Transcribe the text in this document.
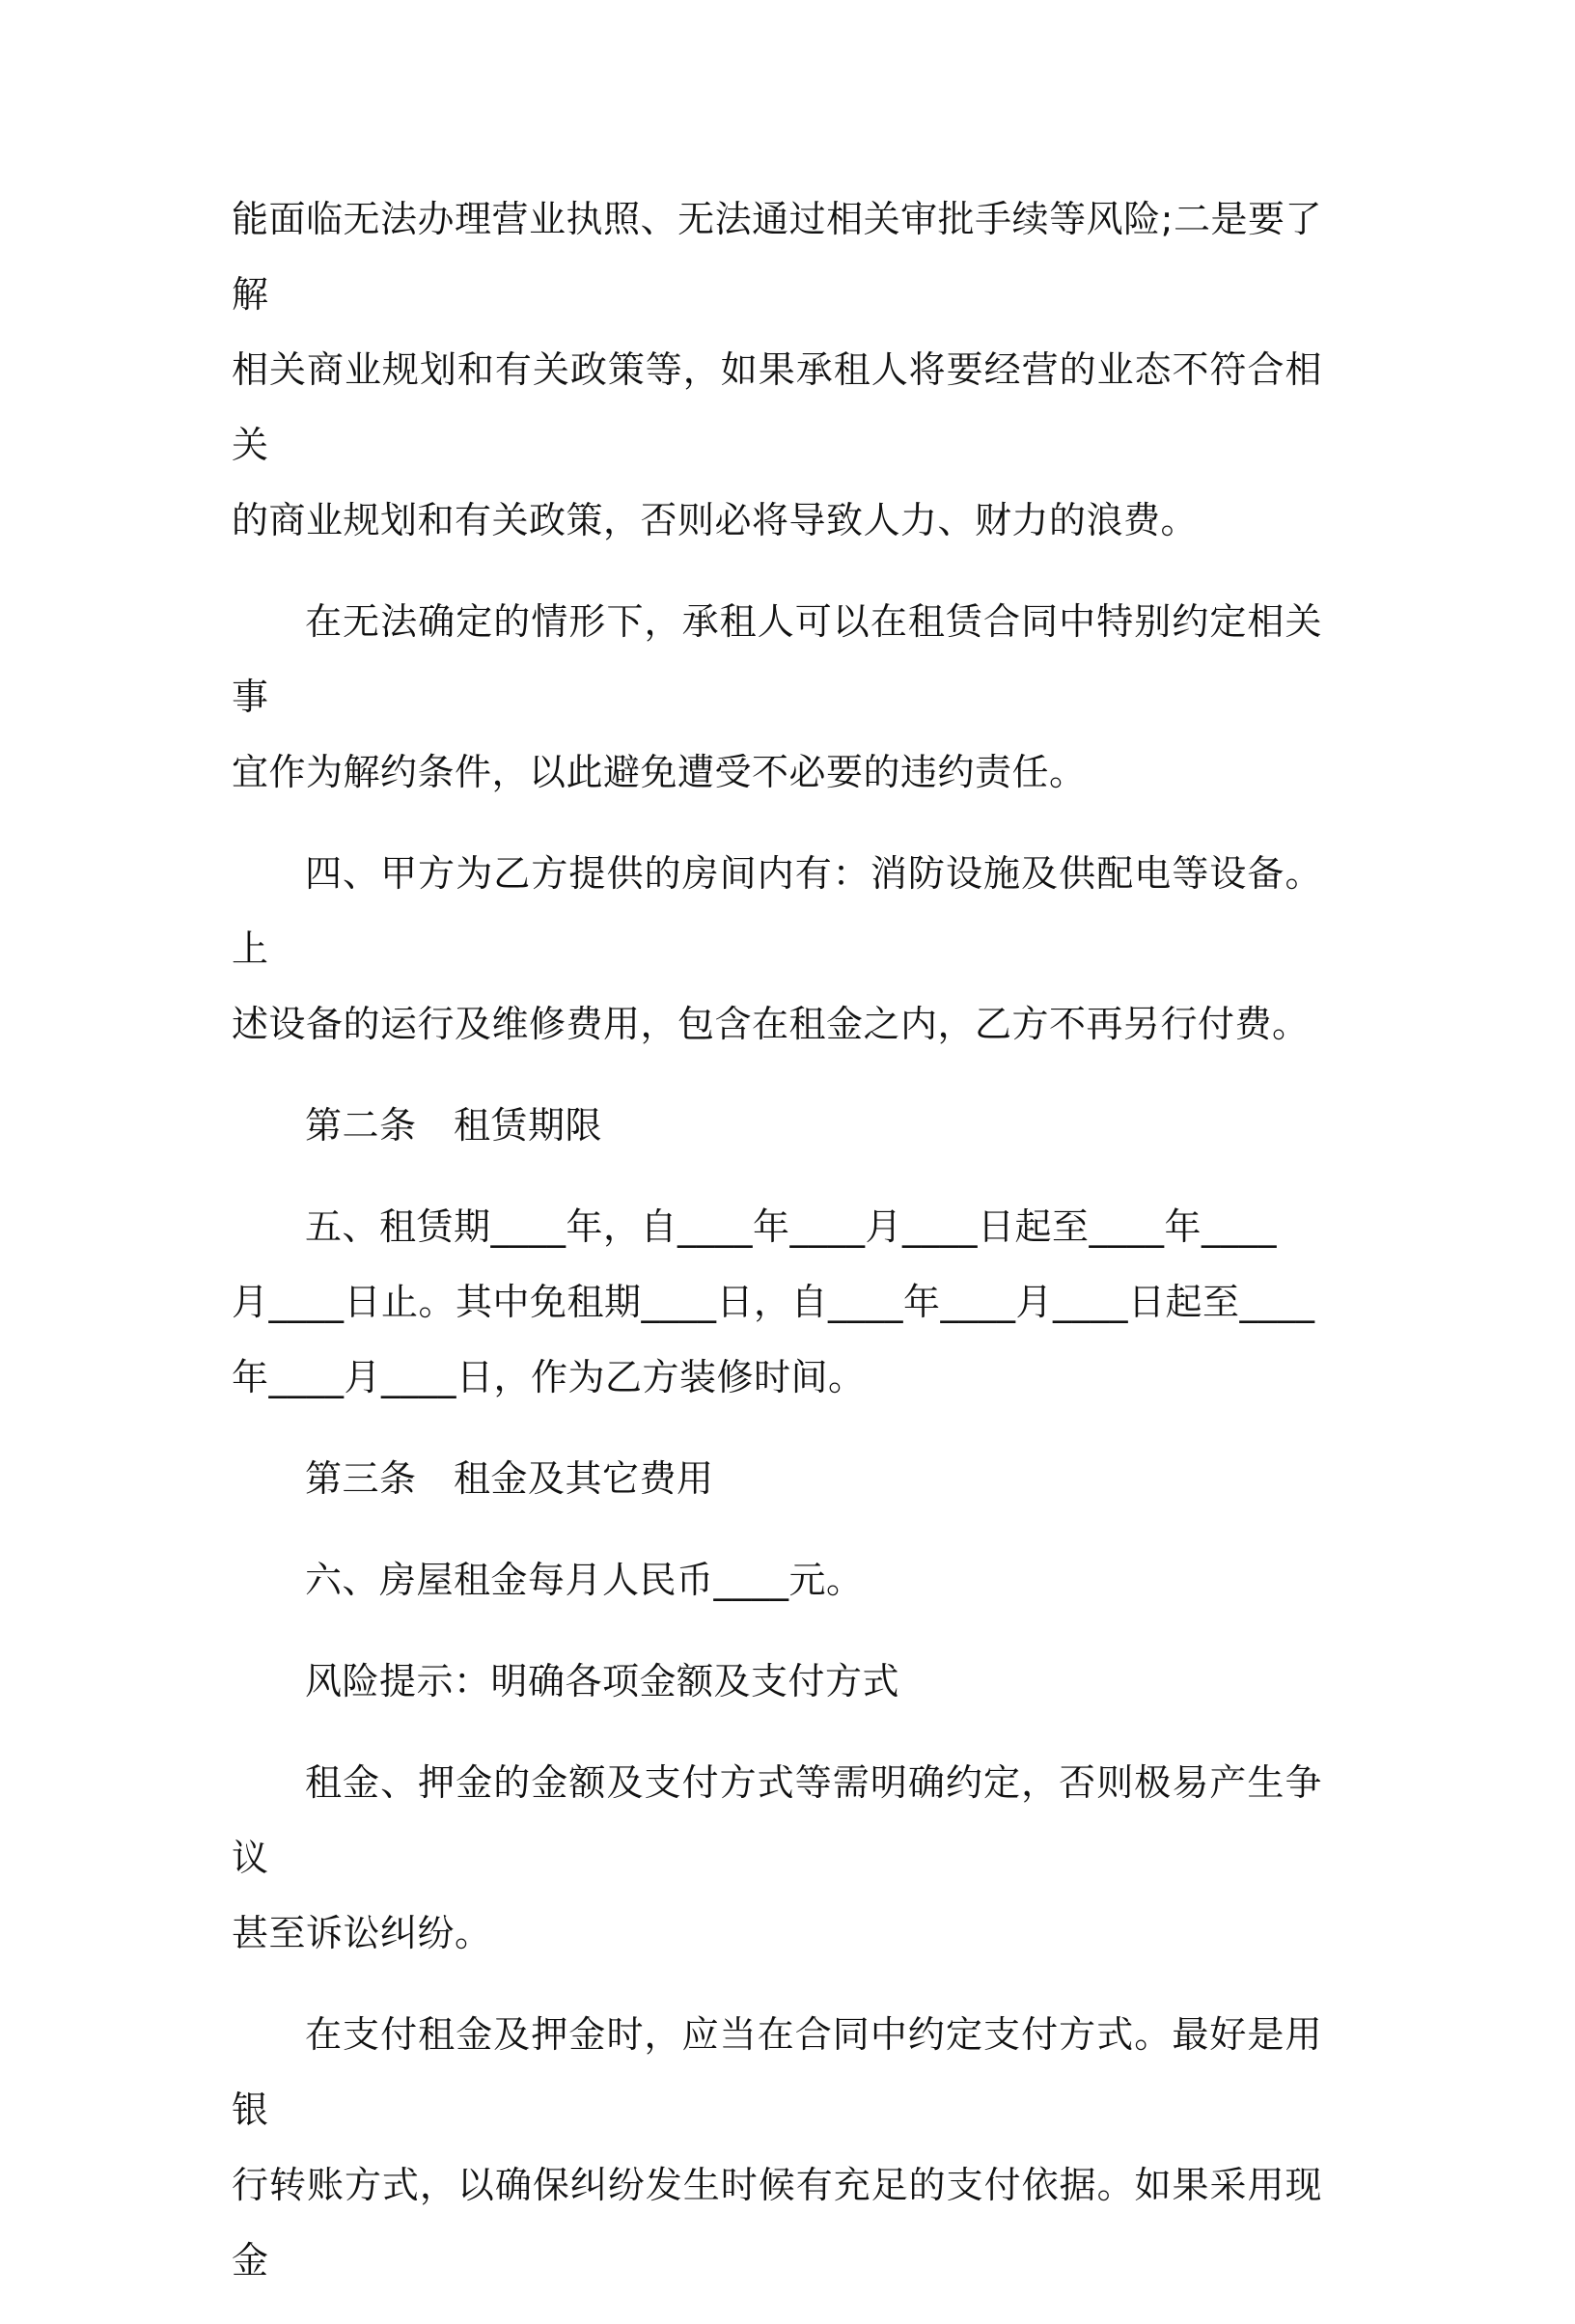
能面临无法办理营业执照、无法通过相关审批手续等风险;二是要了解
相关商业规划和有关政策等，如果承租人将要经营的业态不符合相关
的商业规划和有关政策，否则必将导致人力、财力的浪费。

在无法确定的情形下，承租人可以在租赁合同中特别约定相关事
宜作为解约条件，以此避免遭受不必要的违约责任。

四、甲方为乙方提供的房间内有：消防设施及供配电等设备。上
述设备的运行及维修费用，包含在租金之内，乙方不再另行付费。

第二条　租赁期限

五、租赁期____年，自____年____月____日起至____年____
月____日止。其中免租期____日，自____年____月____日起至____
年____月____日，作为乙方装修时间。

第三条　租金及其它费用

六、房屋租金每月人民币____元。

风险提示：明确各项金额及支付方式

租金、押金的金额及支付方式等需明确约定，否则极易产生争议
甚至诉讼纠纷。

在支付租金及押金时，应当在合同中约定支付方式。最好是用银
行转账方式，以确保纠纷发生时候有充足的支付依据。如果采用现金
